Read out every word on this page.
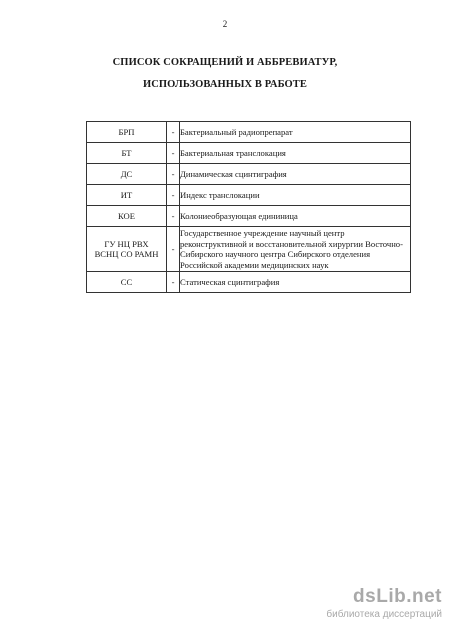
2
СПИСОК СОКРАЩЕНИЙ И АББРЕВИАТУР,
ИСПОЛЬЗОВАННЫХ В РАБОТЕ
БРП	-	Бактериальный радиопрепарат
БТ	-	Бактериальная транслокация
ДС	-	Динамическая сцинтиграфия
ИТ	-	Индекс транслокации
КОЕ	-	Колониеобразующая едининица

ГУ НЦ РВХ
ВСНЦ СО РАМН	-	Государственное учреждение научный центр реконструктивной и восстановительной хирургии Восточно-Сибирского научного центра Сибирского отделения Российской академии медицинских наук
СС	-	Статическая сцинтиграфия
dsLib.net
библиотека диссертаций
